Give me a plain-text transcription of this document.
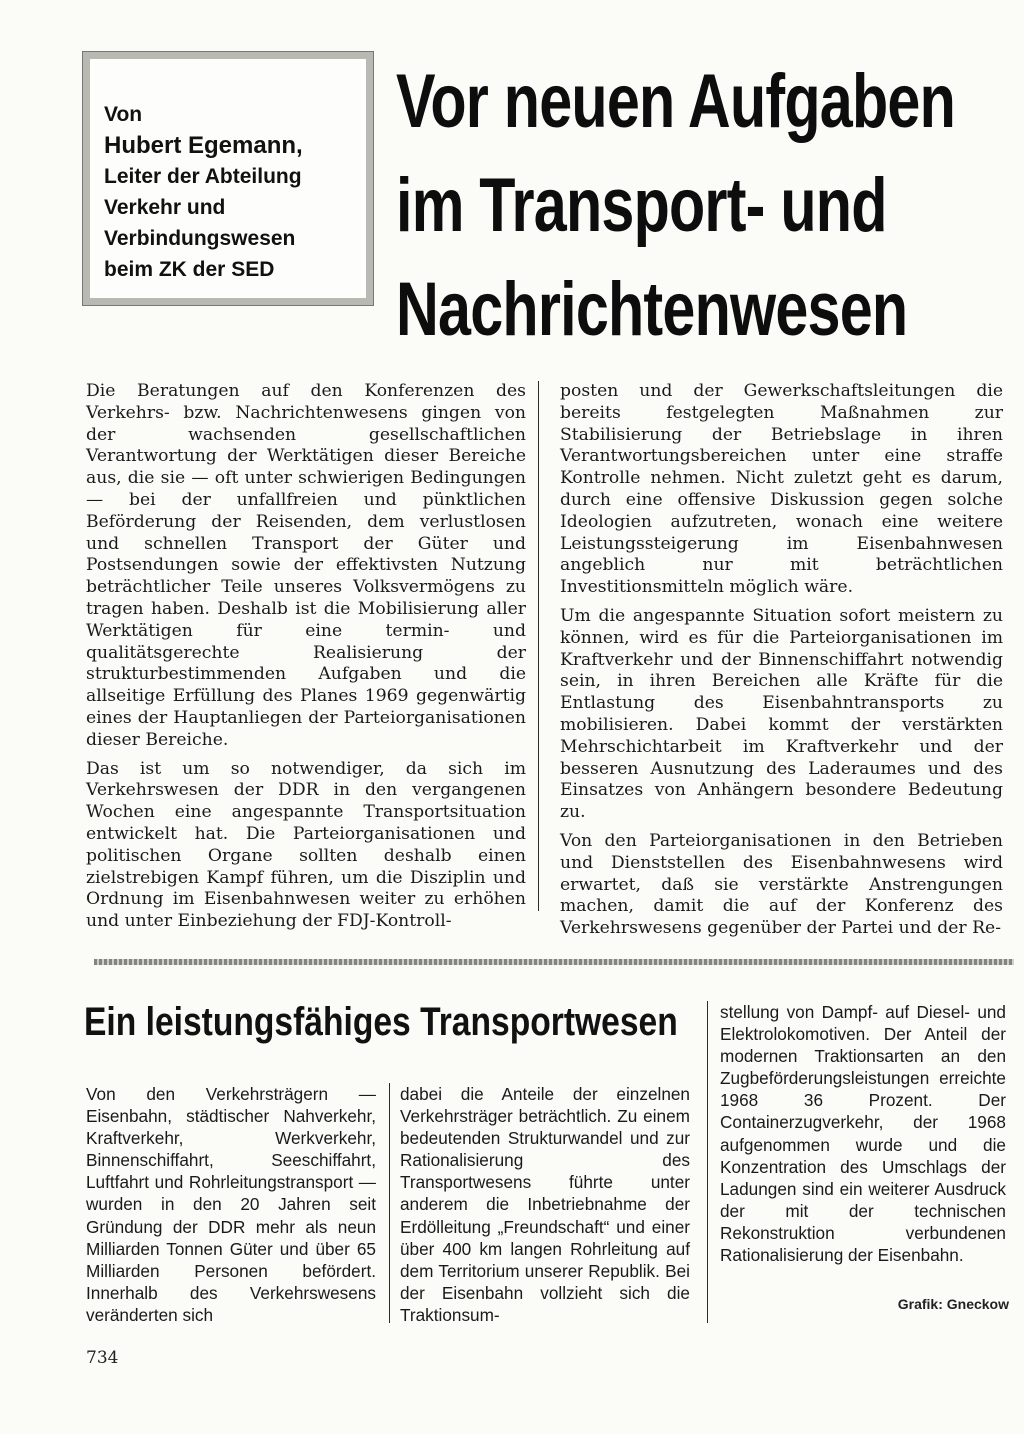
Von
Hubert Egemann,
Leiter der Abteilung
Verkehr und
Verbindungswesen
beim ZK der SED
Vor neuen Aufgaben
im Transport- und
Nachrichtenwesen

Die Beratungen auf den Konferenzen des Verkehrs- bzw. Nachrichtenwesens gingen von der wachsenden gesellschaftlichen Verantwortung der Werktätigen dieser Bereiche aus, die sie — oft unter schwierigen Bedingungen — bei der unfallfreien und pünktlichen Beförderung der Reisenden, dem verlustlosen und schnellen Transport der Güter und Postsendungen sowie der effektivsten Nutzung beträchtlicher Teile unseres Volksvermögens zu tragen haben. Deshalb ist die Mobilisierung aller Werktätigen für eine termin- und qualitätsgerechte Realisierung der strukturbestimmenden Aufgaben und die allseitige Erfüllung des Planes 1969 gegenwärtig eines der Hauptanliegen der Parteiorganisationen dieser Bereiche.

Das ist um so notwendiger, da sich im Verkehrswesen der DDR in den vergangenen Wochen eine angespannte Transportsituation entwickelt hat. Die Parteiorganisationen und politischen Organe sollten deshalb einen zielstrebigen Kampf führen, um die Disziplin und Ordnung im Eisenbahnwesen weiter zu erhöhen und unter Einbeziehung der FDJ-Kontroll-

posten und der Gewerkschaftsleitungen die bereits festgelegten Maßnahmen zur Stabilisierung der Betriebslage in ihren Verantwortungsbereichen unter eine straffe Kontrolle nehmen. Nicht zuletzt geht es darum, durch eine offensive Diskussion gegen solche Ideologien aufzutreten, wonach eine weitere Leistungssteigerung im Eisenbahnwesen angeblich nur mit beträchtlichen Investitionsmitteln möglich wäre.

Um die angespannte Situation sofort meistern zu können, wird es für die Parteiorganisationen im Kraftverkehr und der Binnenschiffahrt notwendig sein, in ihren Bereichen alle Kräfte für die Entlastung des Eisenbahntransports zu mobilisieren. Dabei kommt der verstärkten Mehrschichtarbeit im Kraftverkehr und der besseren Ausnutzung des Laderaumes und des Einsatzes von Anhängern besondere Bedeutung zu.

Von den Parteiorganisationen in den Betrieben und Dienststellen des Eisenbahnwesens wird erwartet, daß sie verstärkte Anstrengungen machen, damit die auf der Konferenz des Verkehrswesens gegenüber der Partei und der Re-

Ein leistungsfähiges Transportwesen
Von den Verkehrsträgern — Eisenbahn, städtischer Nahverkehr, Kraftverkehr, Werkverkehr, Binnenschiffahrt, Seeschiffahrt, Luftfahrt und Rohrleitungstransport — wurden in den 20 Jahren seit Gründung der DDR mehr als neun Milliarden Tonnen Güter und über 65 Milliarden Personen befördert. Innerhalb des Verkehrswesens veränderten sich
dabei die Anteile der einzelnen Verkehrsträger beträchtlich. Zu einem bedeutenden Strukturwandel und zur Rationalisierung des Transportwesens führte unter anderem die Inbetriebnahme der Erdölleitung „Freundschaft“ und einer über 400 km langen Rohrleitung auf dem Territorium unserer Republik. Bei der Eisenbahn vollzieht sich die Traktionsum-
stellung von Dampf- auf Diesel- und Elektrolokomotiven. Der Anteil der modernen Traktionsarten an den Zugbeförderungsleistungen erreichte 1968 36 Prozent. Der Containerzugverkehr, der 1968 aufgenommen wurde und die Konzentration des Umschlags der Ladungen sind ein weiterer Ausdruck der mit der technischen Rekonstruktion verbundenen Rationalisierung der Eisenbahn.
Grafik: Gneckow
734
